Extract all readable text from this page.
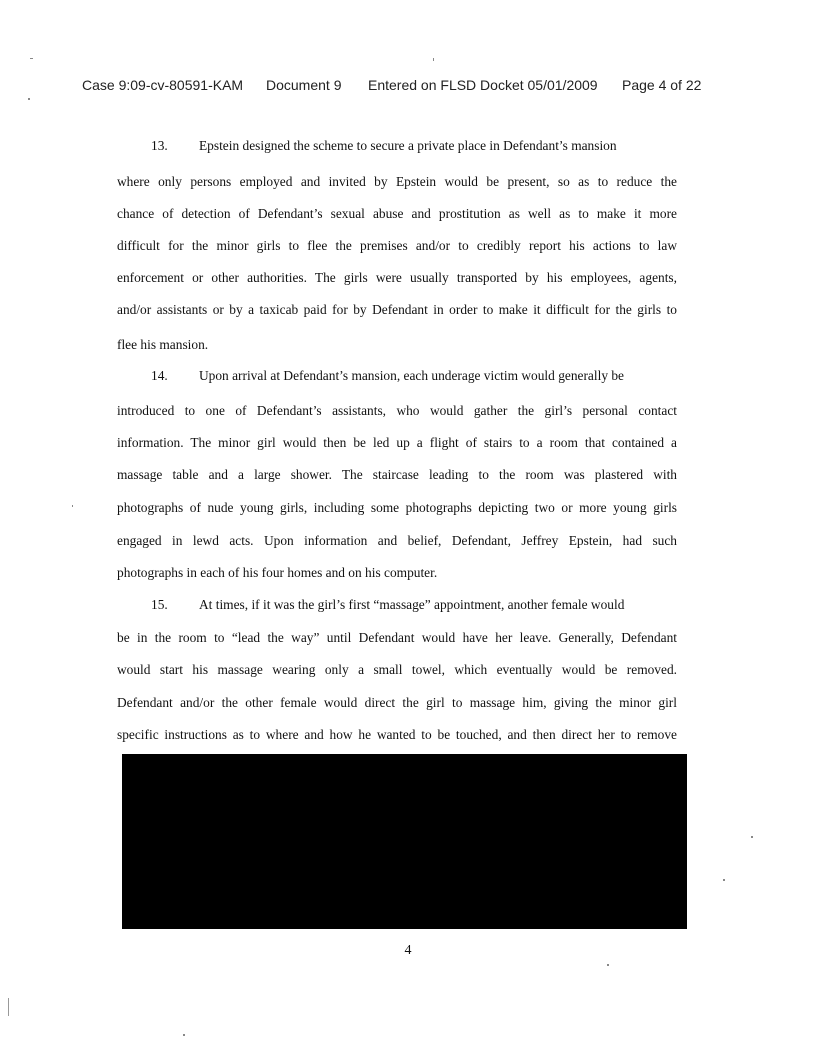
Case 9:09-cv-80591-KAM Document 9 Entered on FLSD Docket 05/01/2009 Page 4 of 22
13. Epstein designed the scheme to secure a private place in Defendant’s mansion
where only persons employed and invited by Epstein would be present, so as to reduce the
chance of detection of Defendant’s sexual abuse and prostitution as well as to make it more
difficult for the minor girls to flee the premises and/or to credibly report his actions to law
enforcement or other authorities. The girls were usually transported by his employees, agents,
and/or assistants or by a taxicab paid for by Defendant in order to make it difficult for the girls to
flee his mansion.
14. Upon arrival at Defendant’s mansion, each underage victim would generally be
introduced to one of Defendant’s assistants, who would gather the girl’s personal contact
information. The minor girl would then be led up a flight of stairs to a room that contained a
massage table and a large shower. The staircase leading to the room was plastered with
photographs of nude young girls, including some photographs depicting two or more young girls
engaged in lewd acts. Upon information and belief, Defendant, Jeffrey Epstein, had such
photographs in each of his four homes and on his computer.
15. At times, if it was the girl’s first “massage” appointment, another female would
be in the room to “lead the way” until Defendant would have her leave. Generally, Defendant
would start his massage wearing only a small towel, which eventually would be removed.
Defendant and/or the other female would direct the girl to massage him, giving the minor girl
specific instructions as to where and how he wanted to be touched, and then direct her to remove
4
